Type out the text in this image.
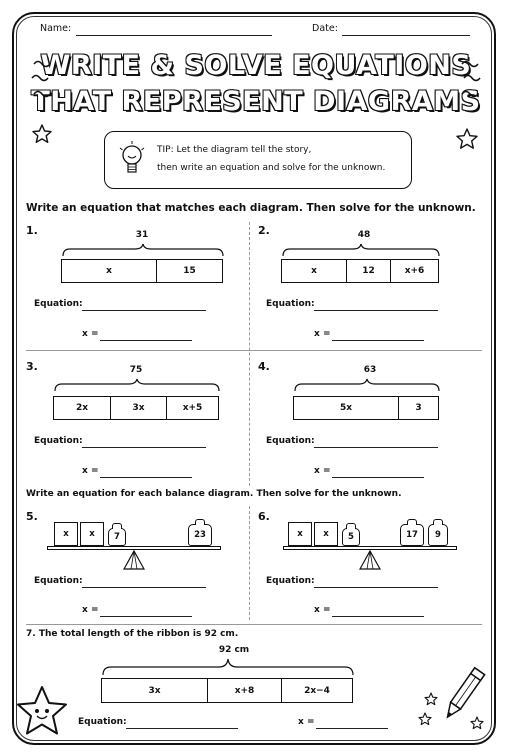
Name:	Date:
WRITE & SOLVE EQUATIONS
THAT REPRESENT DIAGRAMS
TIP: Let the diagram tell the story,
then write an equation and solve for the unknown.
Write an equation that matches each diagram. Then solve for the unknown.
1.	31
x	15
Equation:
x =
2.	48
x	12	x+6
Equation:
x =
3.	75
2x	3x	x+5
Equation:
x =
4.	63
5x	3
Equation:
x =
Write an equation for each balance diagram. Then solve for the unknown.
5.
x	x	7	23
Equation:
x =
6.
x	x	5	17	9
Equation:
x =
7. The total length of the ribbon is 92 cm.
92 cm
3x	x+8	2x−4
Equation:	x =
